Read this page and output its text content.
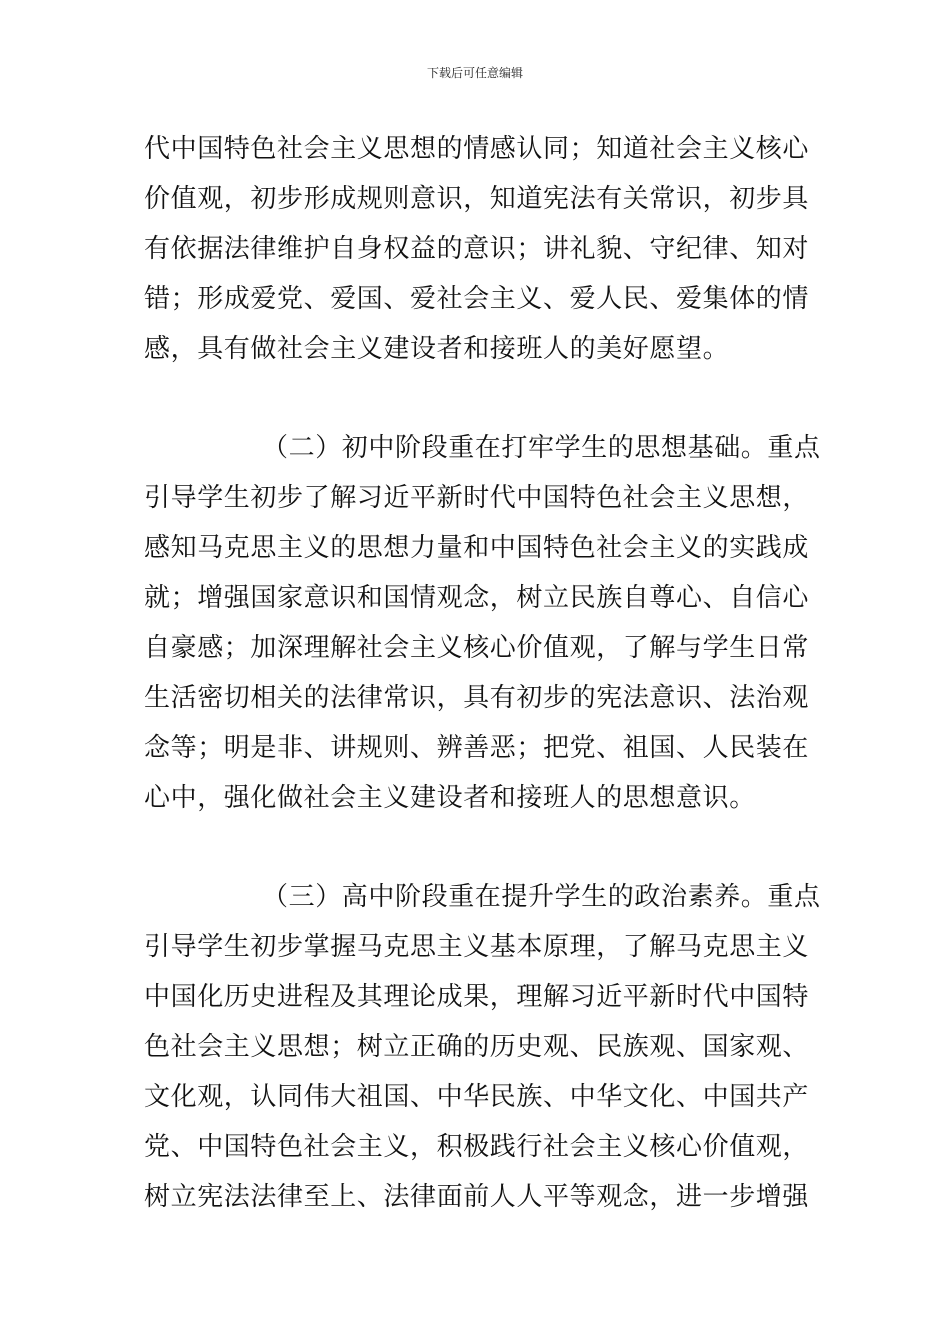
下载后可任意编辑
代中国特色社会主义思想的情感认同；知道社会主义核心
价值观，初步形成规则意识，知道宪法有关常识，初步具
有依据法律维护自身权益的意识；讲礼貌、守纪律、知对
错；形成爱党、爱国、爱社会主义、爱人民、爱集体的情
感，具有做社会主义建设者和接班人的美好愿望。
（二）初中阶段重在打牢学生的思想基础。重点
引导学生初步了解习近平新时代中国特色社会主义思想，
感知马克思主义的思想力量和中国特色社会主义的实践成
就；增强国家意识和国情观念，树立民族自尊心、自信心
自豪感；加深理解社会主义核心价值观，了解与学生日常
生活密切相关的法律常识，具有初步的宪法意识、法治观
念等；明是非、讲规则、辨善恶；把党、祖国、人民装在
心中，强化做社会主义建设者和接班人的思想意识。
（三）高中阶段重在提升学生的政治素养。重点
引导学生初步掌握马克思主义基本原理，了解马克思主义
中国化历史进程及其理论成果，理解习近平新时代中国特
色社会主义思想；树立正确的历史观、民族观、国家观、
文化观，认同伟大祖国、中华民族、中华文化、中国共产
党、中国特色社会主义，积极践行社会主义核心价值观，
树立宪法法律至上、法律面前人人平等观念，进一步增强
